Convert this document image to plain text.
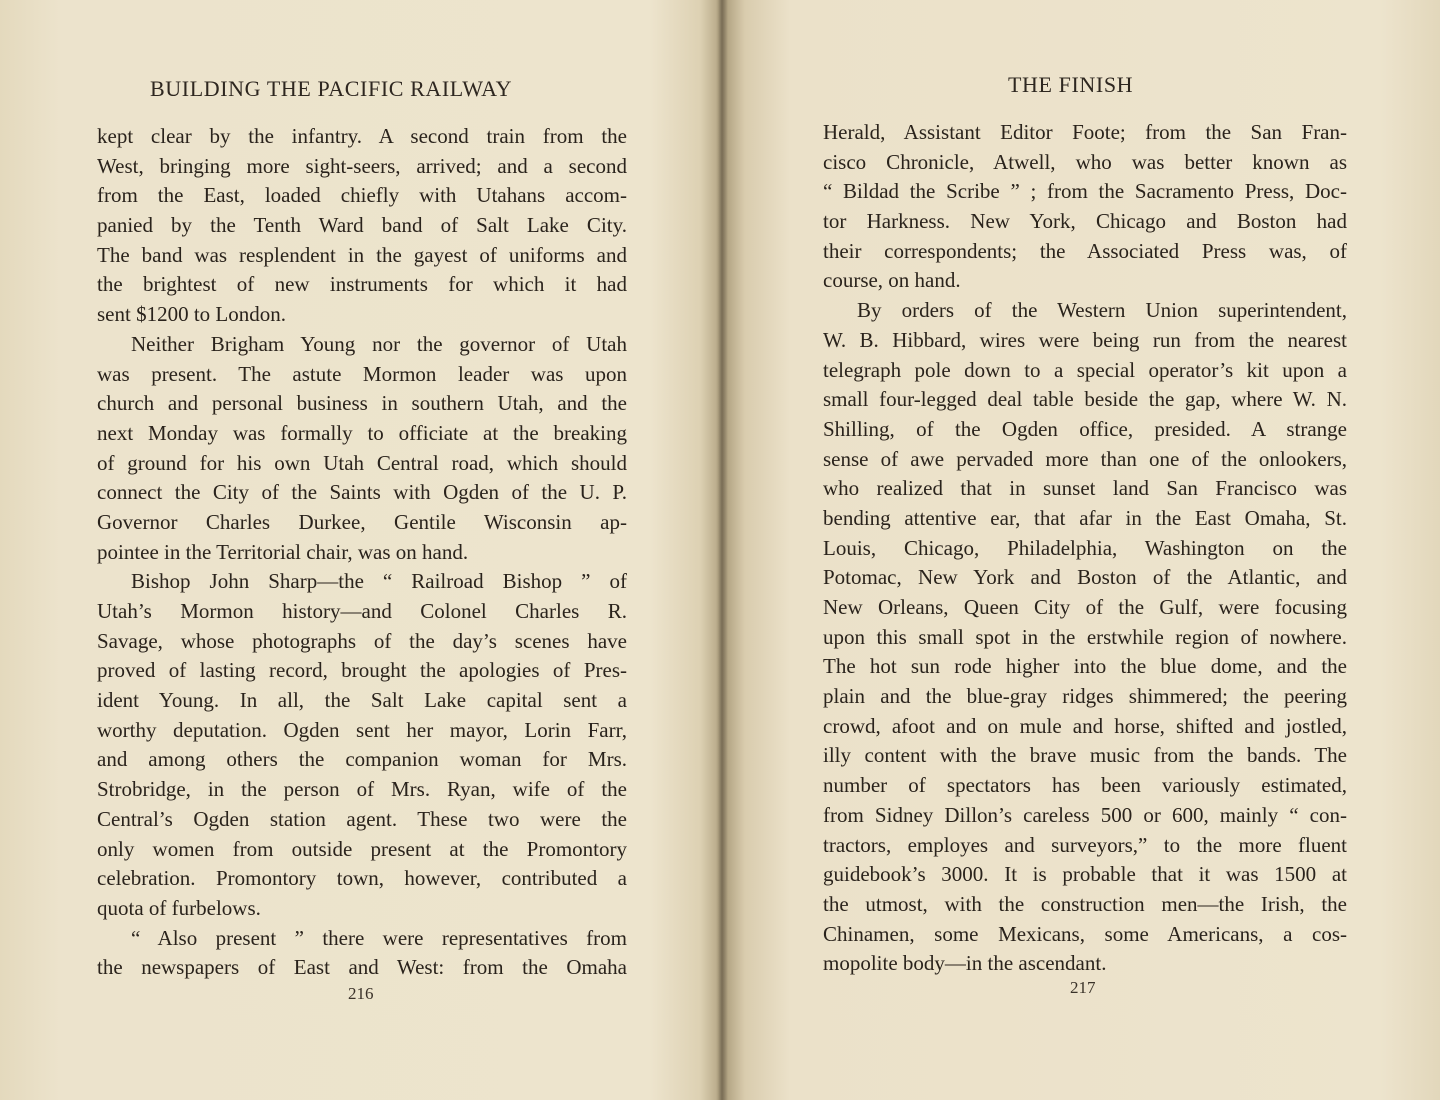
BUILDING THE PACIFIC RAILWAY
kept clear by the infantry. A second train from the
West, bringing more sight-seers, arrived; and a second
from the East, loaded chiefly with Utahans accom-
panied by the Tenth Ward band of Salt Lake City.
The band was resplendent in the gayest of uniforms and
the brightest of new instruments for which it had
sent $1200 to London.
Neither Brigham Young nor the governor of Utah
was present. The astute Mormon leader was upon
church and personal business in southern Utah, and the
next Monday was formally to officiate at the breaking
of ground for his own Utah Central road, which should
connect the City of the Saints with Ogden of the U. P.
Governor Charles Durkee, Gentile Wisconsin ap-
pointee in the Territorial chair, was on hand.
Bishop John Sharp—the “ Railroad Bishop ” of
Utah’s Mormon history—and Colonel Charles R.
Savage, whose photographs of the day’s scenes have
proved of lasting record, brought the apologies of Pres-
ident Young. In all, the Salt Lake capital sent a
worthy deputation. Ogden sent her mayor, Lorin Farr,
and among others the companion woman for Mrs.
Strobridge, in the person of Mrs. Ryan, wife of the
Central’s Ogden station agent. These two were the
only women from outside present at the Promontory
celebration. Promontory town, however, contributed a
quota of furbelows.
“ Also present ” there were representatives from
the newspapers of East and West: from the Omaha
216
THE FINISH
Herald, Assistant Editor Foote; from the San Fran-
cisco Chronicle, Atwell, who was better known as
“ Bildad the Scribe ” ; from the Sacramento Press, Doc-
tor Harkness. New York, Chicago and Boston had
their correspondents; the Associated Press was, of
course, on hand.
By orders of the Western Union superintendent,
W. B. Hibbard, wires were being run from the nearest
telegraph pole down to a special operator’s kit upon a
small four-legged deal table beside the gap, where W. N.
Shilling, of the Ogden office, presided. A strange
sense of awe pervaded more than one of the onlookers,
who realized that in sunset land San Francisco was
bending attentive ear, that afar in the East Omaha, St.
Louis, Chicago, Philadelphia, Washington on the
Potomac, New York and Boston of the Atlantic, and
New Orleans, Queen City of the Gulf, were focusing
upon this small spot in the erstwhile region of nowhere.
The hot sun rode higher into the blue dome, and the
plain and the blue-gray ridges shimmered; the peering
crowd, afoot and on mule and horse, shifted and jostled,
illy content with the brave music from the bands. The
number of spectators has been variously estimated,
from Sidney Dillon’s careless 500 or 600, mainly “ con-
tractors, employes and surveyors,” to the more fluent
guidebook’s 3000. It is probable that it was 1500 at
the utmost, with the construction men—the Irish, the
Chinamen, some Mexicans, some Americans, a cos-
mopolite body—in the ascendant.
217
